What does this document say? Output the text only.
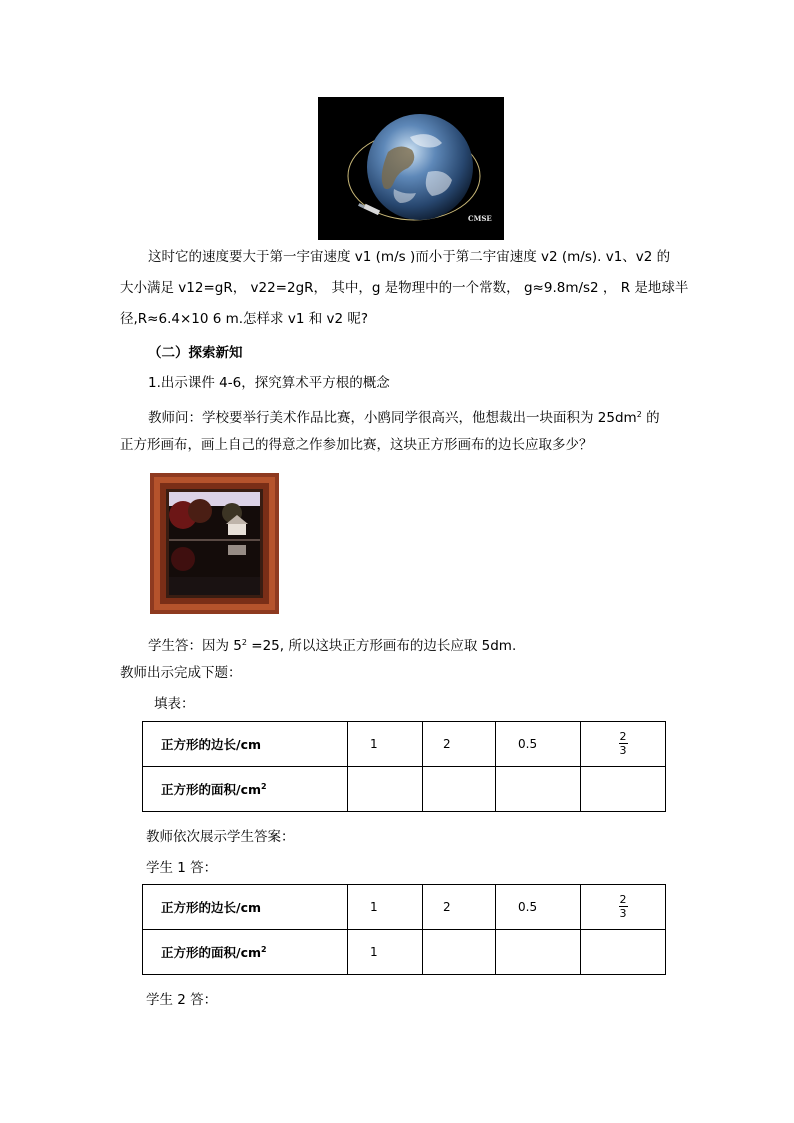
CMSE
这时它的速度要大于第一宇宙速度 v1 (m/s )而小于第二宇宙速度 v2 (m/s). v1、v2 的
大小满足 v12=gR， v22=2gR， 其中，g 是物理中的一个常数， g≈9.8m/s2 ， R 是地球半
径,R≈6.4×10 6 m.怎样求 v1 和 v2 呢?
（二）探索新知
1.出示课件 4-6，探究算术平方根的概念
教师问：学校要举行美术作品比赛，小鸥同学很高兴，他想裁出一块面积为 $25dm^2$ 的
正方形画布，画上自己的得意之作参加比赛，这块正方形画布的边长应取多少？
学生答：因为 $5^2 =25$, 所以这块正方形画布的边长应取 5dm.
教师出示完成下题：
填表：
正方形的边长/cm	1	2	0.5	$\frac{2}{3}$

正方形的面积$/cm^2$				
教师依次展示学生答案：
学生 1 答：
正方形的边长/cm	1	2	0.5	$\frac{2}{3}$

正方形的面积$/cm^2$	1			
学生 2 答：
